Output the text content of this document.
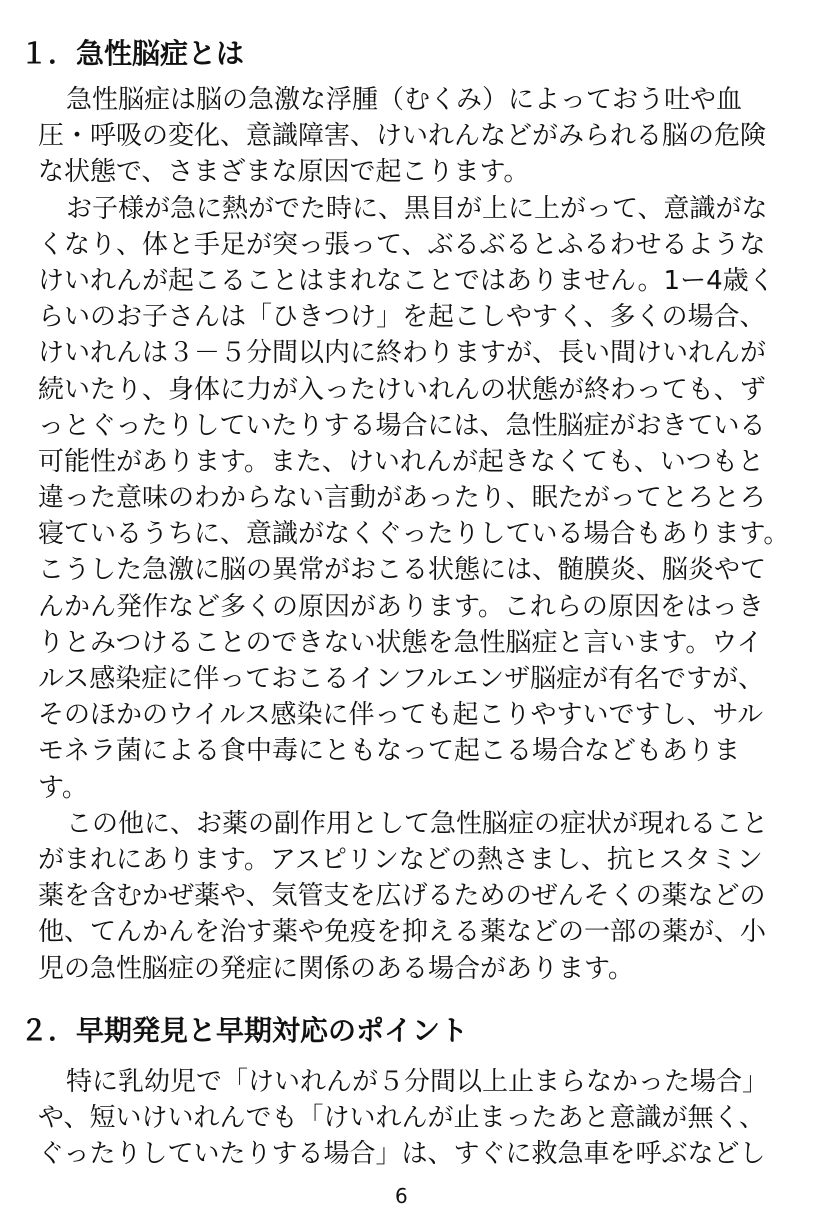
１．急性脳症とは
急性脳症は脳の急激な浮腫（むくみ）によっておう吐や血
圧・呼吸の変化、意識障害、けいれんなどがみられる脳の危険
な状態で、さまざまな原因で起こります。
お子様が急に熱がでた時に、黒目が上に上がって、意識がな
くなり、体と手足が突っ張って、ぶるぶるとふるわせるような
けいれんが起こることはまれなことではありません。1ー4歳く
らいのお子さんは「ひきつけ」を起こしやすく、多くの場合、
けいれんは３－５分間以内に終わりますが、長い間けいれんが
続いたり、身体に力が入ったけいれんの状態が終わっても、ず
っとぐったりしていたりする場合には、急性脳症がおきている
可能性があります。また、けいれんが起きなくても、いつもと
違った意味のわからない言動があったり、眠たがってとろとろ
寝ているうちに、意識がなくぐったりしている場合もあります。
こうした急激に脳の異常がおこる状態には、髄膜炎、脳炎やて
んかん発作など多くの原因があります。これらの原因をはっき
りとみつけることのできない状態を急性脳症と言います。ウイ
ルス感染症に伴っておこるインフルエンザ脳症が有名ですが、
そのほかのウイルス感染に伴っても起こりやすいですし、サル
モネラ菌による食中毒にともなって起こる場合などもありま
す。
この他に、お薬の副作用として急性脳症の症状が現れること
がまれにあります。アスピリンなどの熱さまし、抗ヒスタミン
薬を含むかぜ薬や、気管支を広げるためのぜんそくの薬などの
他、てんかんを治す薬や免疫を抑える薬などの一部の薬が、小
児の急性脳症の発症に関係のある場合があります。
２．早期発見と早期対応のポイント
特に乳幼児で「けいれんが５分間以上止まらなかった場合」
や、短いけいれんでも「けいれんが止まったあと意識が無く、
ぐったりしていたりする場合」は、すぐに救急車を呼ぶなどし
6
